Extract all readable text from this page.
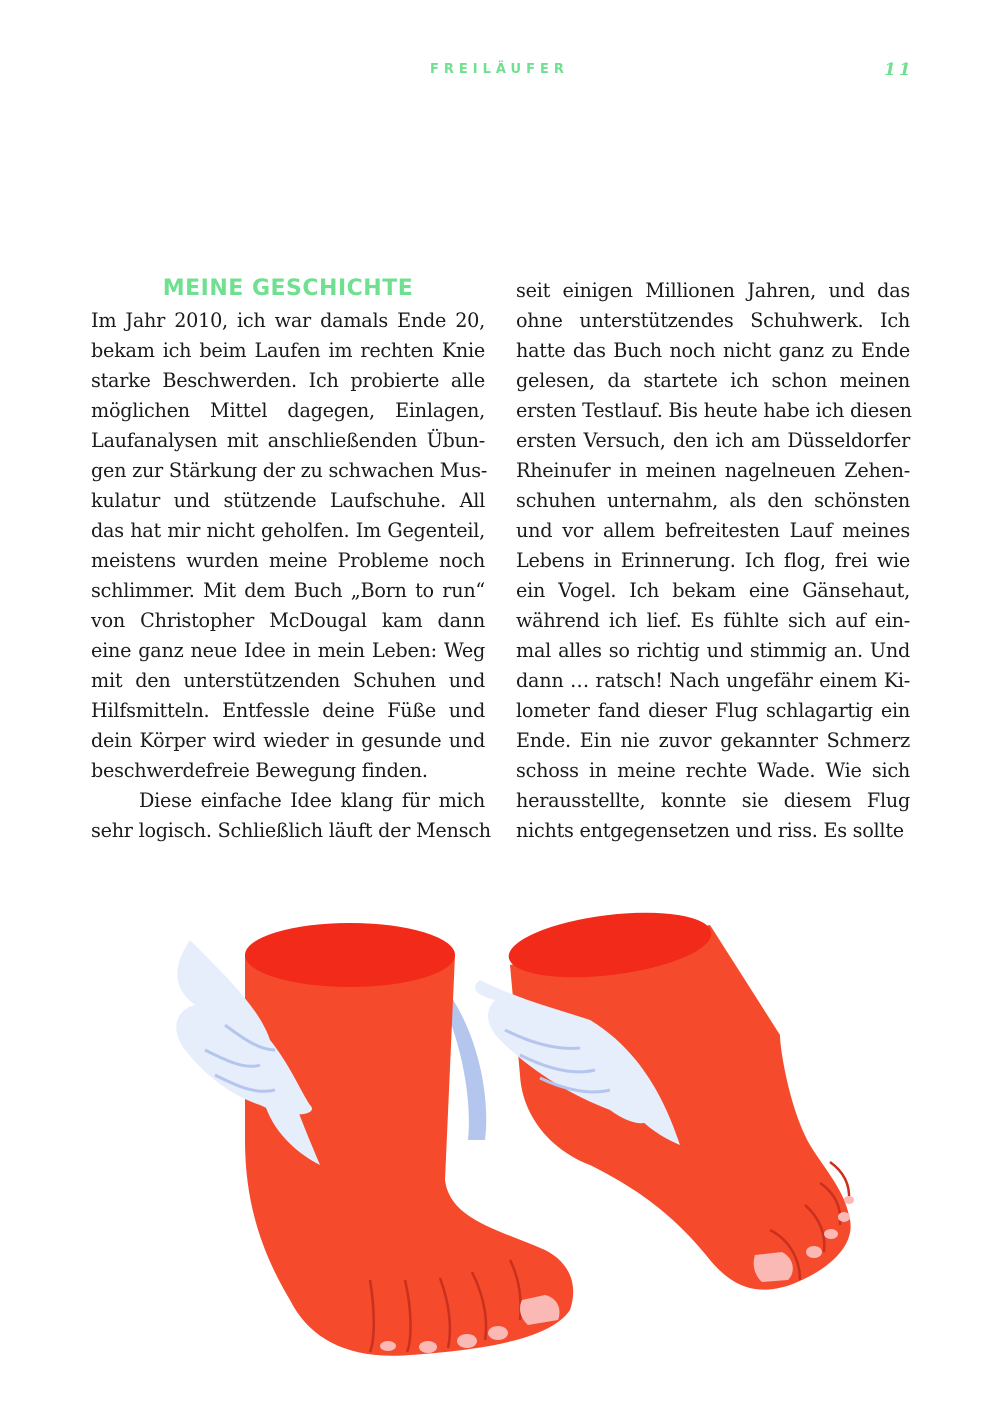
FREILÄUFER	11
MEINE GESCHICHTE
Im Jahr 2010, ich war damals Ende 20,
bekam ich beim Laufen im rechten Knie
starke Beschwerden. Ich probierte alle
möglichen Mittel dagegen, Einlagen,
Laufanalysen mit anschließenden Übun-
gen zur Stärkung der zu schwachen Mus-
kulatur und stützende Laufschuhe. All
das hat mir nicht geholfen. Im Gegenteil,
meistens wurden meine Probleme noch
schlimmer. Mit dem Buch „Born to run“
von Christopher McDougal kam dann
eine ganz neue Idee in mein Leben: Weg
mit den unterstützenden Schuhen und
Hilfsmitteln. Entfessle deine Füße und
dein Körper wird wieder in gesunde und
beschwerdefreie Bewegung finden.
Diese einfache Idee klang für mich
sehr logisch. Schließlich läuft der Mensch
seit einigen Millionen Jahren, und das
ohne unterstützendes Schuhwerk. Ich
hatte das Buch noch nicht ganz zu Ende
gelesen, da startete ich schon meinen
ersten Testlauf. Bis heute habe ich diesen
ersten Versuch, den ich am Düsseldorfer
Rheinufer in meinen nagelneuen Zehen-
schuhen unternahm, als den schönsten
und vor allem befreitesten Lauf meines
Lebens in Erinnerung. Ich flog, frei wie
ein Vogel. Ich bekam eine Gänsehaut,
während ich lief. Es fühlte sich auf ein-
mal alles so richtig und stimmig an. Und
dann … ratsch! Nach ungefähr einem Ki-
lometer fand dieser Flug schlagartig ein
Ende. Ein nie zuvor gekannter Schmerz
schoss in meine rechte Wade. Wie sich
herausstellte, konnte sie diesem Flug
nichts entgegensetzen und riss. Es sollte
